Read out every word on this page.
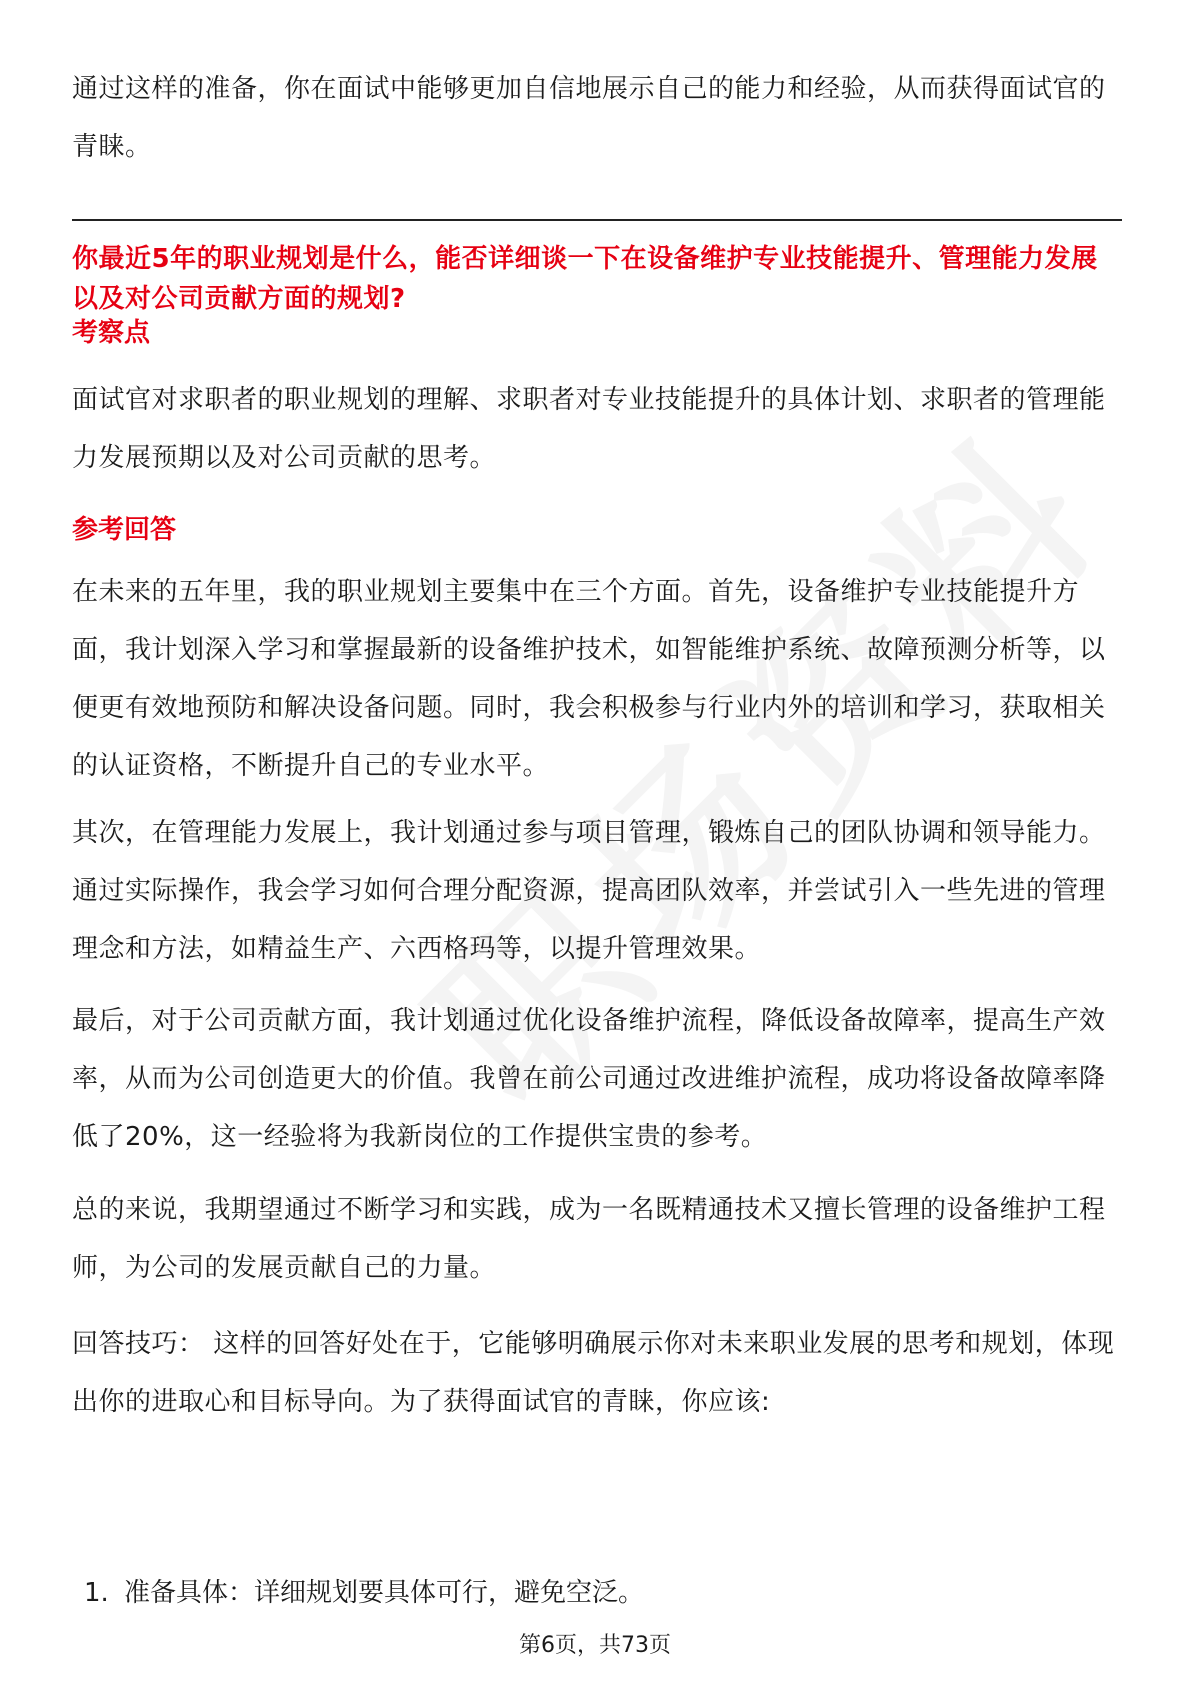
通过这样的准备，你在面试中能够更加自信地展示自己的能力和经验，从而获得面试官的青睐。

你最近5年的职业规划是什么，能否详细谈一下在设备维护专业技能提升、管理能力发展以及对公司贡献方面的规划?

考察点

面试官对求职者的职业规划的理解、求职者对专业技能提升的具体计划、求职者的管理能力发展预期以及对公司贡献的思考。

参考回答

在未来的五年里，我的职业规划主要集中在三个方面。首先，设备维护专业技能提升方面，我计划深入学习和掌握最新的设备维护技术，如智能维护系统、故障预测分析等，以便更有效地预防和解决设备问题。同时，我会积极参与行业内外的培训和学习，获取相关的认证资格，不断提升自己的专业水平。

其次，在管理能力发展上，我计划通过参与项目管理，锻炼自己的团队协调和领导能力。通过实际操作，我会学习如何合理分配资源，提高团队效率，并尝试引入一些先进的管理理念和方法，如精益生产、六西格玛等，以提升管理效果。

最后，对于公司贡献方面，我计划通过优化设备维护流程，降低设备故障率，提高生产效率，从而为公司创造更大的价值。我曾在前公司通过改进维护流程，成功将设备故障率降低了20%，这一经验将为我新岗位的工作提供宝贵的参考。

总的来说，我期望通过不断学习和实践，成为一名既精通技术又擅长管理的设备维护工程师，为公司的发展贡献自己的力量。

回答技巧： 这样的回答好处在于，它能够明确展示你对未来职业发展的思考和规划，体现出你的进取心和目标导向。为了获得面试官的青睐，你应该:

1. 准备具体：详细规划要具体可行，避免空泛。

第6页，共73页
